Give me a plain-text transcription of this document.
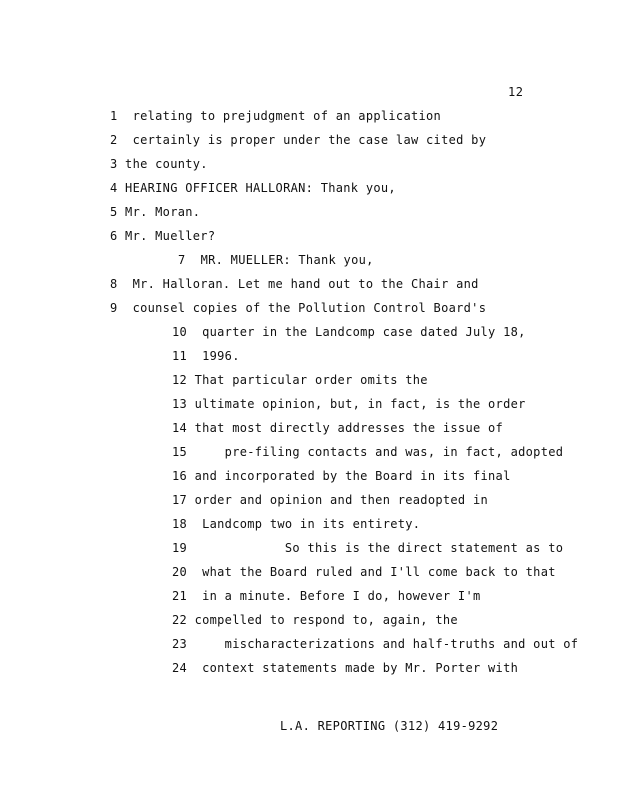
12
1  relating to prejudgment of an application
2  certainly is proper under the case law cited by
3 the county.
4 HEARING OFFICER HALLORAN: Thank you,
5 Mr. Moran.
6 Mr. Mueller?
7  MR. MUELLER: Thank you,
8  Mr. Halloran. Let me hand out to the Chair and
9  counsel copies of the Pollution Control Board's
10  quarter in the Landcomp case dated July 18,
11  1996.
12 That particular order omits the
13 ultimate opinion, but, in fact, is the order
14 that most directly addresses the issue of
15     pre-filing contacts and was, in fact, adopted
16 and incorporated by the Board in its final
17 order and opinion and then readopted in
18  Landcomp two in its entirety.
19             So this is the direct statement as to
20  what the Board ruled and I'll come back to that
21  in a minute. Before I do, however I'm
22 compelled to respond to, again, the
23     mischaracterizations and half-truths and out of
24  context statements made by Mr. Porter with
L.A. REPORTING (312) 419-9292
